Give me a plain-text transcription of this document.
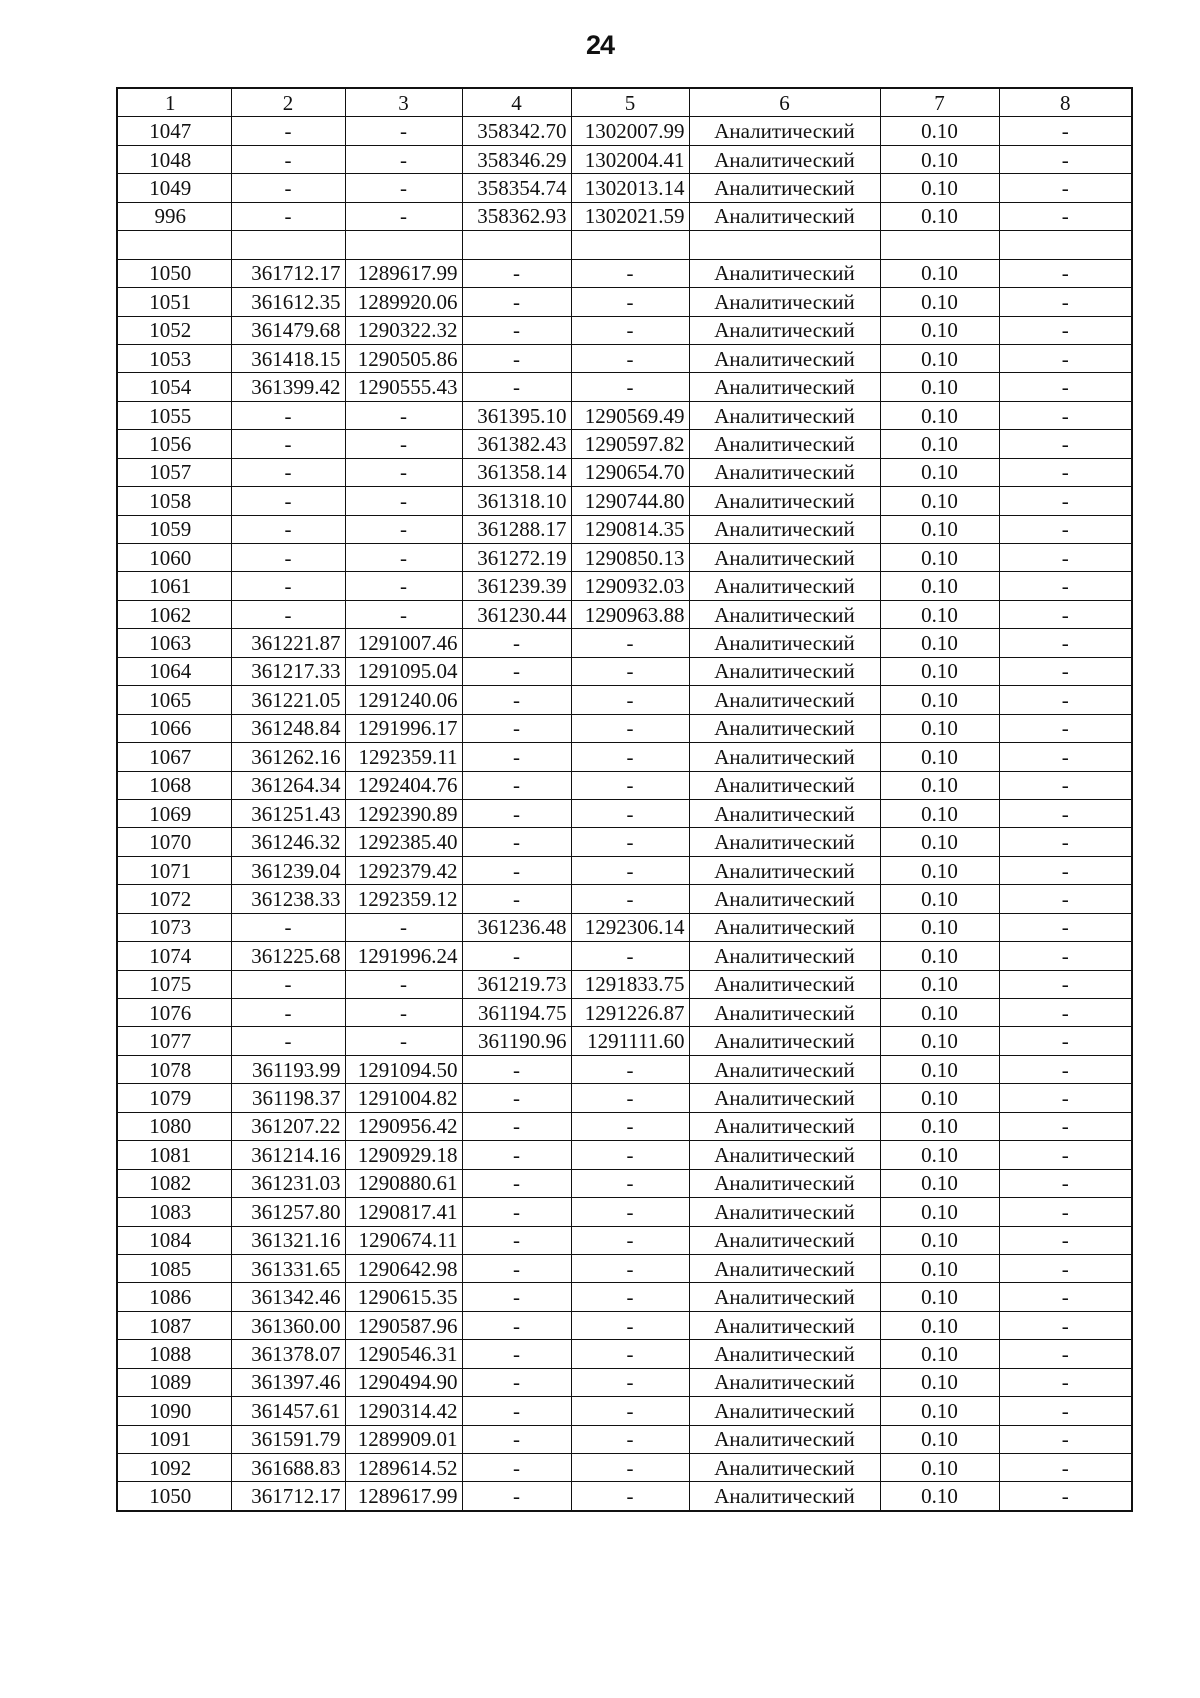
24
1	2	3	4	5	6	7	8
1047	-	-	358342.70	1302007.99	Аналитический	0.10	-
1048	-	-	358346.29	1302004.41	Аналитический	0.10	-
1049	-	-	358354.74	1302013.14	Аналитический	0.10	-
996	-	-	358362.93	1302021.59	Аналитический	0.10	-

1050	361712.17	1289617.99	-	-	Аналитический	0.10	-
1051	361612.35	1289920.06	-	-	Аналитический	0.10	-
1052	361479.68	1290322.32	-	-	Аналитический	0.10	-
1053	361418.15	1290505.86	-	-	Аналитический	0.10	-
1054	361399.42	1290555.43	-	-	Аналитический	0.10	-
1055	-	-	361395.10	1290569.49	Аналитический	0.10	-
1056	-	-	361382.43	1290597.82	Аналитический	0.10	-
1057	-	-	361358.14	1290654.70	Аналитический	0.10	-
1058	-	-	361318.10	1290744.80	Аналитический	0.10	-
1059	-	-	361288.17	1290814.35	Аналитический	0.10	-
1060	-	-	361272.19	1290850.13	Аналитический	0.10	-
1061	-	-	361239.39	1290932.03	Аналитический	0.10	-
1062	-	-	361230.44	1290963.88	Аналитический	0.10	-
1063	361221.87	1291007.46	-	-	Аналитический	0.10	-
1064	361217.33	1291095.04	-	-	Аналитический	0.10	-
1065	361221.05	1291240.06	-	-	Аналитический	0.10	-
1066	361248.84	1291996.17	-	-	Аналитический	0.10	-
1067	361262.16	1292359.11	-	-	Аналитический	0.10	-
1068	361264.34	1292404.76	-	-	Аналитический	0.10	-
1069	361251.43	1292390.89	-	-	Аналитический	0.10	-
1070	361246.32	1292385.40	-	-	Аналитический	0.10	-
1071	361239.04	1292379.42	-	-	Аналитический	0.10	-
1072	361238.33	1292359.12	-	-	Аналитический	0.10	-
1073	-	-	361236.48	1292306.14	Аналитический	0.10	-
1074	361225.68	1291996.24	-	-	Аналитический	0.10	-
1075	-	-	361219.73	1291833.75	Аналитический	0.10	-
1076	-	-	361194.75	1291226.87	Аналитический	0.10	-
1077	-	-	361190.96	1291111.60	Аналитический	0.10	-
1078	361193.99	1291094.50	-	-	Аналитический	0.10	-
1079	361198.37	1291004.82	-	-	Аналитический	0.10	-
1080	361207.22	1290956.42	-	-	Аналитический	0.10	-
1081	361214.16	1290929.18	-	-	Аналитический	0.10	-
1082	361231.03	1290880.61	-	-	Аналитический	0.10	-
1083	361257.80	1290817.41	-	-	Аналитический	0.10	-
1084	361321.16	1290674.11	-	-	Аналитический	0.10	-
1085	361331.65	1290642.98	-	-	Аналитический	0.10	-
1086	361342.46	1290615.35	-	-	Аналитический	0.10	-
1087	361360.00	1290587.96	-	-	Аналитический	0.10	-
1088	361378.07	1290546.31	-	-	Аналитический	0.10	-
1089	361397.46	1290494.90	-	-	Аналитический	0.10	-
1090	361457.61	1290314.42	-	-	Аналитический	0.10	-
1091	361591.79	1289909.01	-	-	Аналитический	0.10	-
1092	361688.83	1289614.52	-	-	Аналитический	0.10	-
1050	361712.17	1289617.99	-	-	Аналитический	0.10	-
